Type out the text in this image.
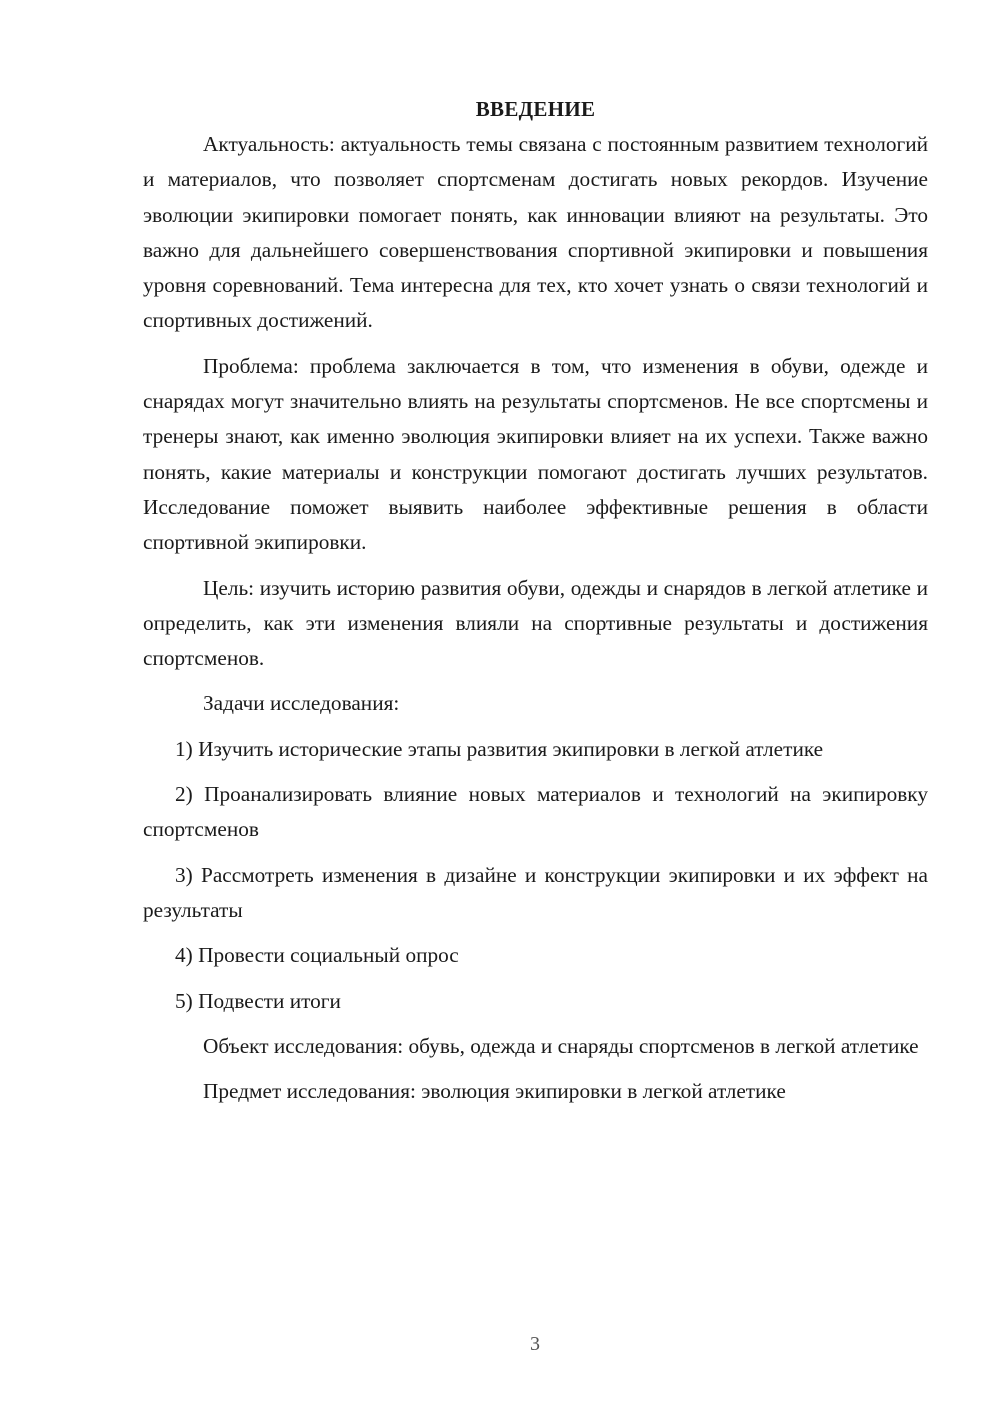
ВВЕДЕНИЕ

Актуальность: актуальность темы связана с постоянным развитием технологий и материалов, что позволяет спортсменам достигать новых рекордов. Изучение эволюции экипировки помогает понять, как инновации влияют на результаты. Это важно для дальнейшего совершенствования спортивной экипировки и повышения уровня соревнований. Тема интересна для тех, кто хочет узнать о связи технологий и спортивных достижений.

Проблема: проблема заключается в том, что изменения в обуви, одежде и снарядах могут значительно влиять на результаты спортсменов. Не все спортсмены и тренеры знают, как именно эволюция экипировки влияет на их успехи. Также важно понять, какие материалы и конструкции помогают достигать лучших результатов. Исследование поможет выявить наиболее эффективные решения в области спортивной экипировки.

Цель: изучить историю развития обуви, одежды и снарядов в легкой атлетике и определить, как эти изменения влияли на спортивные результаты и достижения спортсменов.

Задачи исследования:

1) Изучить исторические этапы развития экипировки в легкой атлетике

2) Проанализировать влияние новых материалов и технологий на экипировку спортсменов

3) Рассмотреть изменения в дизайне и конструкции экипировки и их эффект на результаты

4) Провести социальный опрос

5) Подвести итоги

Объект исследования: обувь, одежда и снаряды спортсменов в легкой атлетике

Предмет исследования: эволюция экипировки в легкой атлетике

3
